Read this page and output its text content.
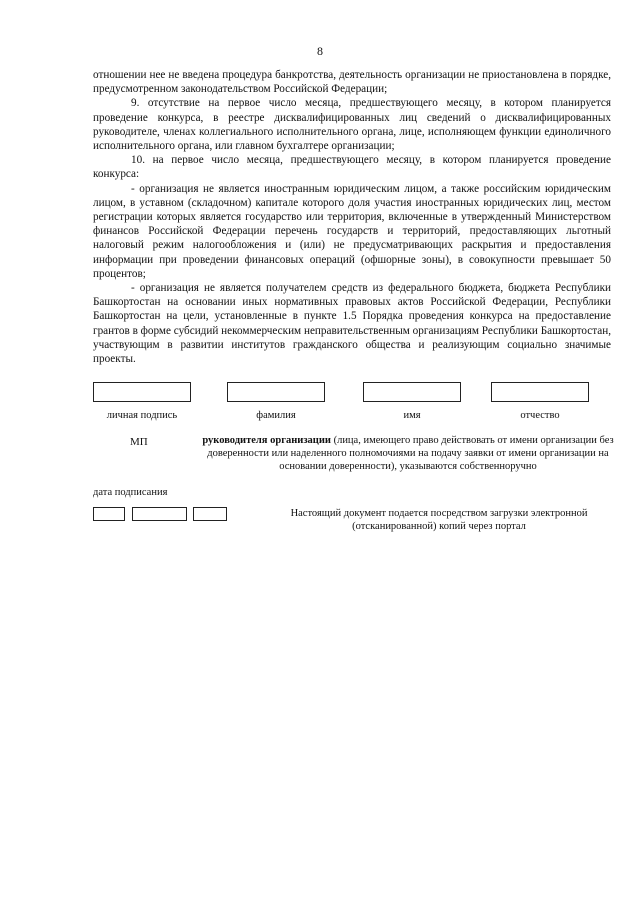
8

отношении нее не введена процедура банкротства, деятельность организации не приостановлена в порядке, предусмотренном законодательством Российской Федерации;

9. отсутствие на первое число месяца, предшествующего месяцу, в котором планируется проведение конкурса, в реестре дисквалифицированных лиц сведений о дисквалифицированных руководителе, членах коллегиального исполнительного органа, лице, исполняющем функции единоличного исполнительного органа, или главном бухгалтере организации;

10. на первое число месяца, предшествующего месяцу, в котором планируется проведение конкурса:

- организация не является иностранным юридическим лицом, а также российским юридическим лицом, в уставном (складочном) капитале которого доля участия иностранных юридических лиц, местом регистрации которых является государство или территория, включенные в утвержденный Министерством финансов Российской Федерации перечень государств и территорий, предоставляющих льготный налоговый режим налогообложения и (или) не предусматривающих раскрытия и предоставления информации при проведении финансовых операций (офшорные зоны), в совокупности превышает 50 процентов;

- организация не является получателем средств из федерального бюджета, бюджета Республики Башкортостан на основании иных нормативных правовых актов Российской Федерации, Республики Башкортостан на цели, установленные в пункте 1.5 Порядка проведения конкурса на предоставление грантов в форме субсидий некоммерческим неправительственным организациям Республики Башкортостан, участвующим в развитии институтов гражданского общества и реализующим социально значимые проекты.

личная подпись	фамилия	имя	отчество
МП	руководителя организации (лица, имеющего право действовать от имени организации без доверенности или наделенного полномочиями на подачу заявки от имени организации на основании доверенности), указываются собственноручно
дата подписания
Настоящий документ подается посредством загрузки электронной (отсканированной) копий через портал
